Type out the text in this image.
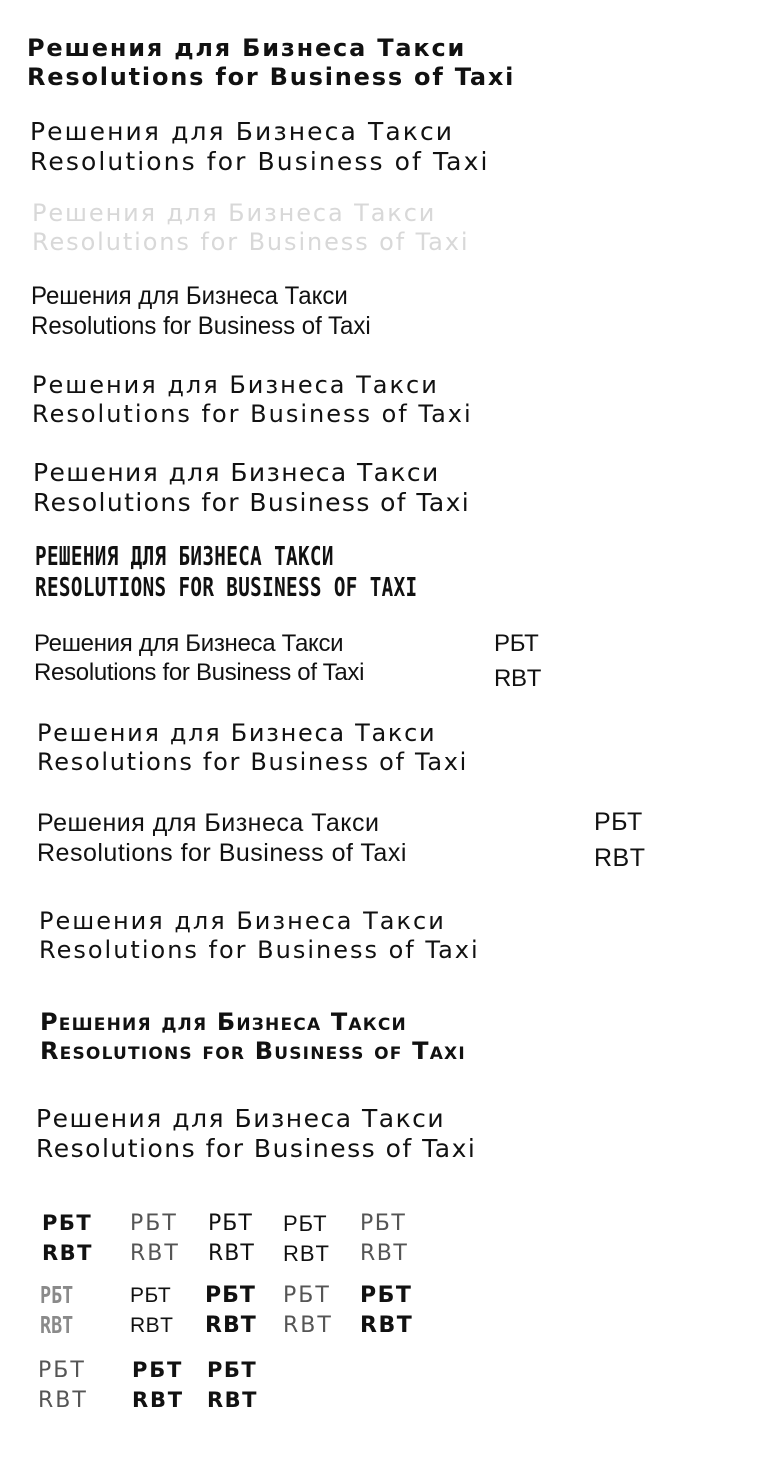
Решения для Бизнеса Такси
Resolutions for Business of Taxi
Решения для Бизнеса Такси
Resolutions for Business of Taxi
Решения для Бизнеса Такси
Resolutions for Business of Taxi
Решения для Бизнеса Такси
Resolutions for Business of Taxi
Решения для Бизнеса Такси
Resolutions for Business of Taxi
Решения для Бизнеса Такси
Resolutions for Business of Taxi
РЕШЕНИЯ ДЛЯ БИЗНЕСА ТАКСИ
RESOLUTIONS FOR BUSINESS OF TAXI
Решения для Бизнеса Такси
Resolutions for Business of Taxi
РБТ
RBT
Решения для Бизнеса Такси
Resolutions for Business of Taxi
Решения для Бизнеса Такси
Resolutions for Business of Taxi
РБТ
RBT
Решения для Бизнеса Такси
Resolutions for Business of Taxi
Решения для Бизнеса Такси
Resolutions for Business of Taxi
Решения для Бизнеса Такси
Resolutions for Business of Taxi
РБТ
RBT
РБТ
RBT
РБТ
RBT
РБТ
RBT
РБТ
RBT
РБТ
RBT
РБТ
RBT
РБТ
RBT
РБТ
RBT
РБТ
RBT
РБТ
RBT
РБТ
RBT
РБТ
RBT
